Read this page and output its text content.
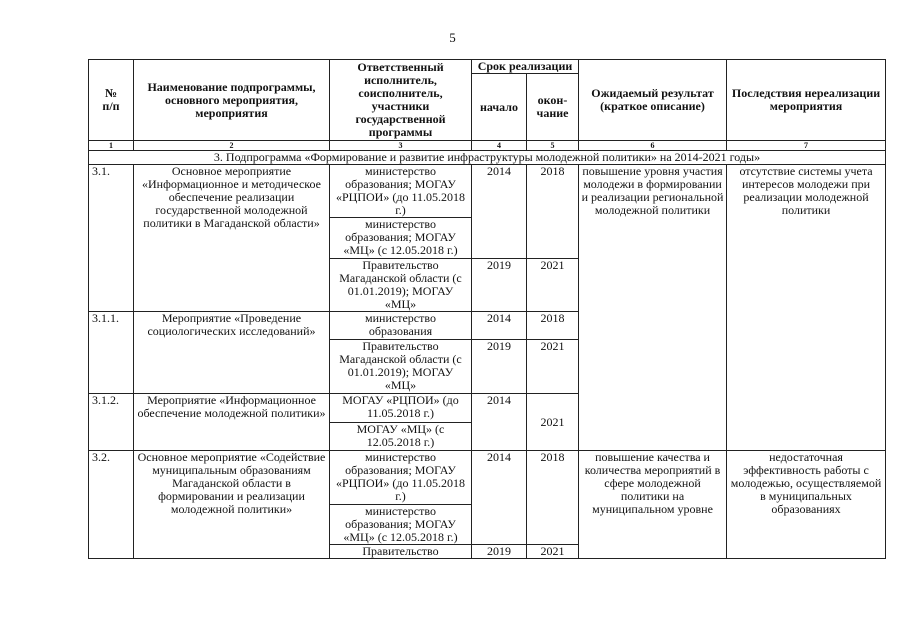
5
№
п/п	Наименование подпрограммы, основного мероприятия, мероприятия	Ответственный исполнитель, соисполнитель, участники государственной программы	Срок реализации		Ожидаемый результат (краткое описание)	Последствия нереализации мероприятия
			начало	окон-
чание		
1	2	3	4	5	6	7
3. Подпрограмма «Формирование и развитие инфраструктуры молодежной политики» на 2014-2021 годы»						
3.1.	Основное мероприятие «Информационное и методическое обеспечение реализации государственной молодежной политики в Магаданской области»	министерство образования; МОГАУ «РЦПОИ» (до 11.05.2018 г.)	2014	2018	повышение уровня участия молодежи в формировании и реализации региональной молодежной политики	отсутствие системы учета интересов молодежи при реализации молодежной политики
		министерство образования; МОГАУ «МЦ» (с 12.05.2018 г.)				
		Правительство Магаданской области (с 01.01.2019); МОГАУ «МЦ»	2019	2021		
3.1.1.	Мероприятие «Проведение социологических исследований»	министерство образования	2014	2018		
		Правительство Магаданской области (с 01.01.2019); МОГАУ «МЦ»	2019	2021		
3.1.2.	Мероприятие «Информационное обеспечение молодежной политики»	МОГАУ «РЦПОИ» (до 11.05.2018 г.)	2014	2021		
		МОГАУ «МЦ» (с 12.05.2018 г.)				
3.2.	Основное мероприятие «Содействие муниципальным образованиям Магаданской области в формировании и реализации молодежной политики»	министерство образования; МОГАУ «РЦПОИ» (до 11.05.2018 г.)	2014	2018	повышение качества и количества мероприятий в сфере молодежной политики на муниципальном уровне	недостаточная эффективность работы с молодежью, осуществляемой в муниципальных образованиях
		министерство образования; МОГАУ «МЦ» (с 12.05.2018 г.)				
		Правительство	2019	2021		
